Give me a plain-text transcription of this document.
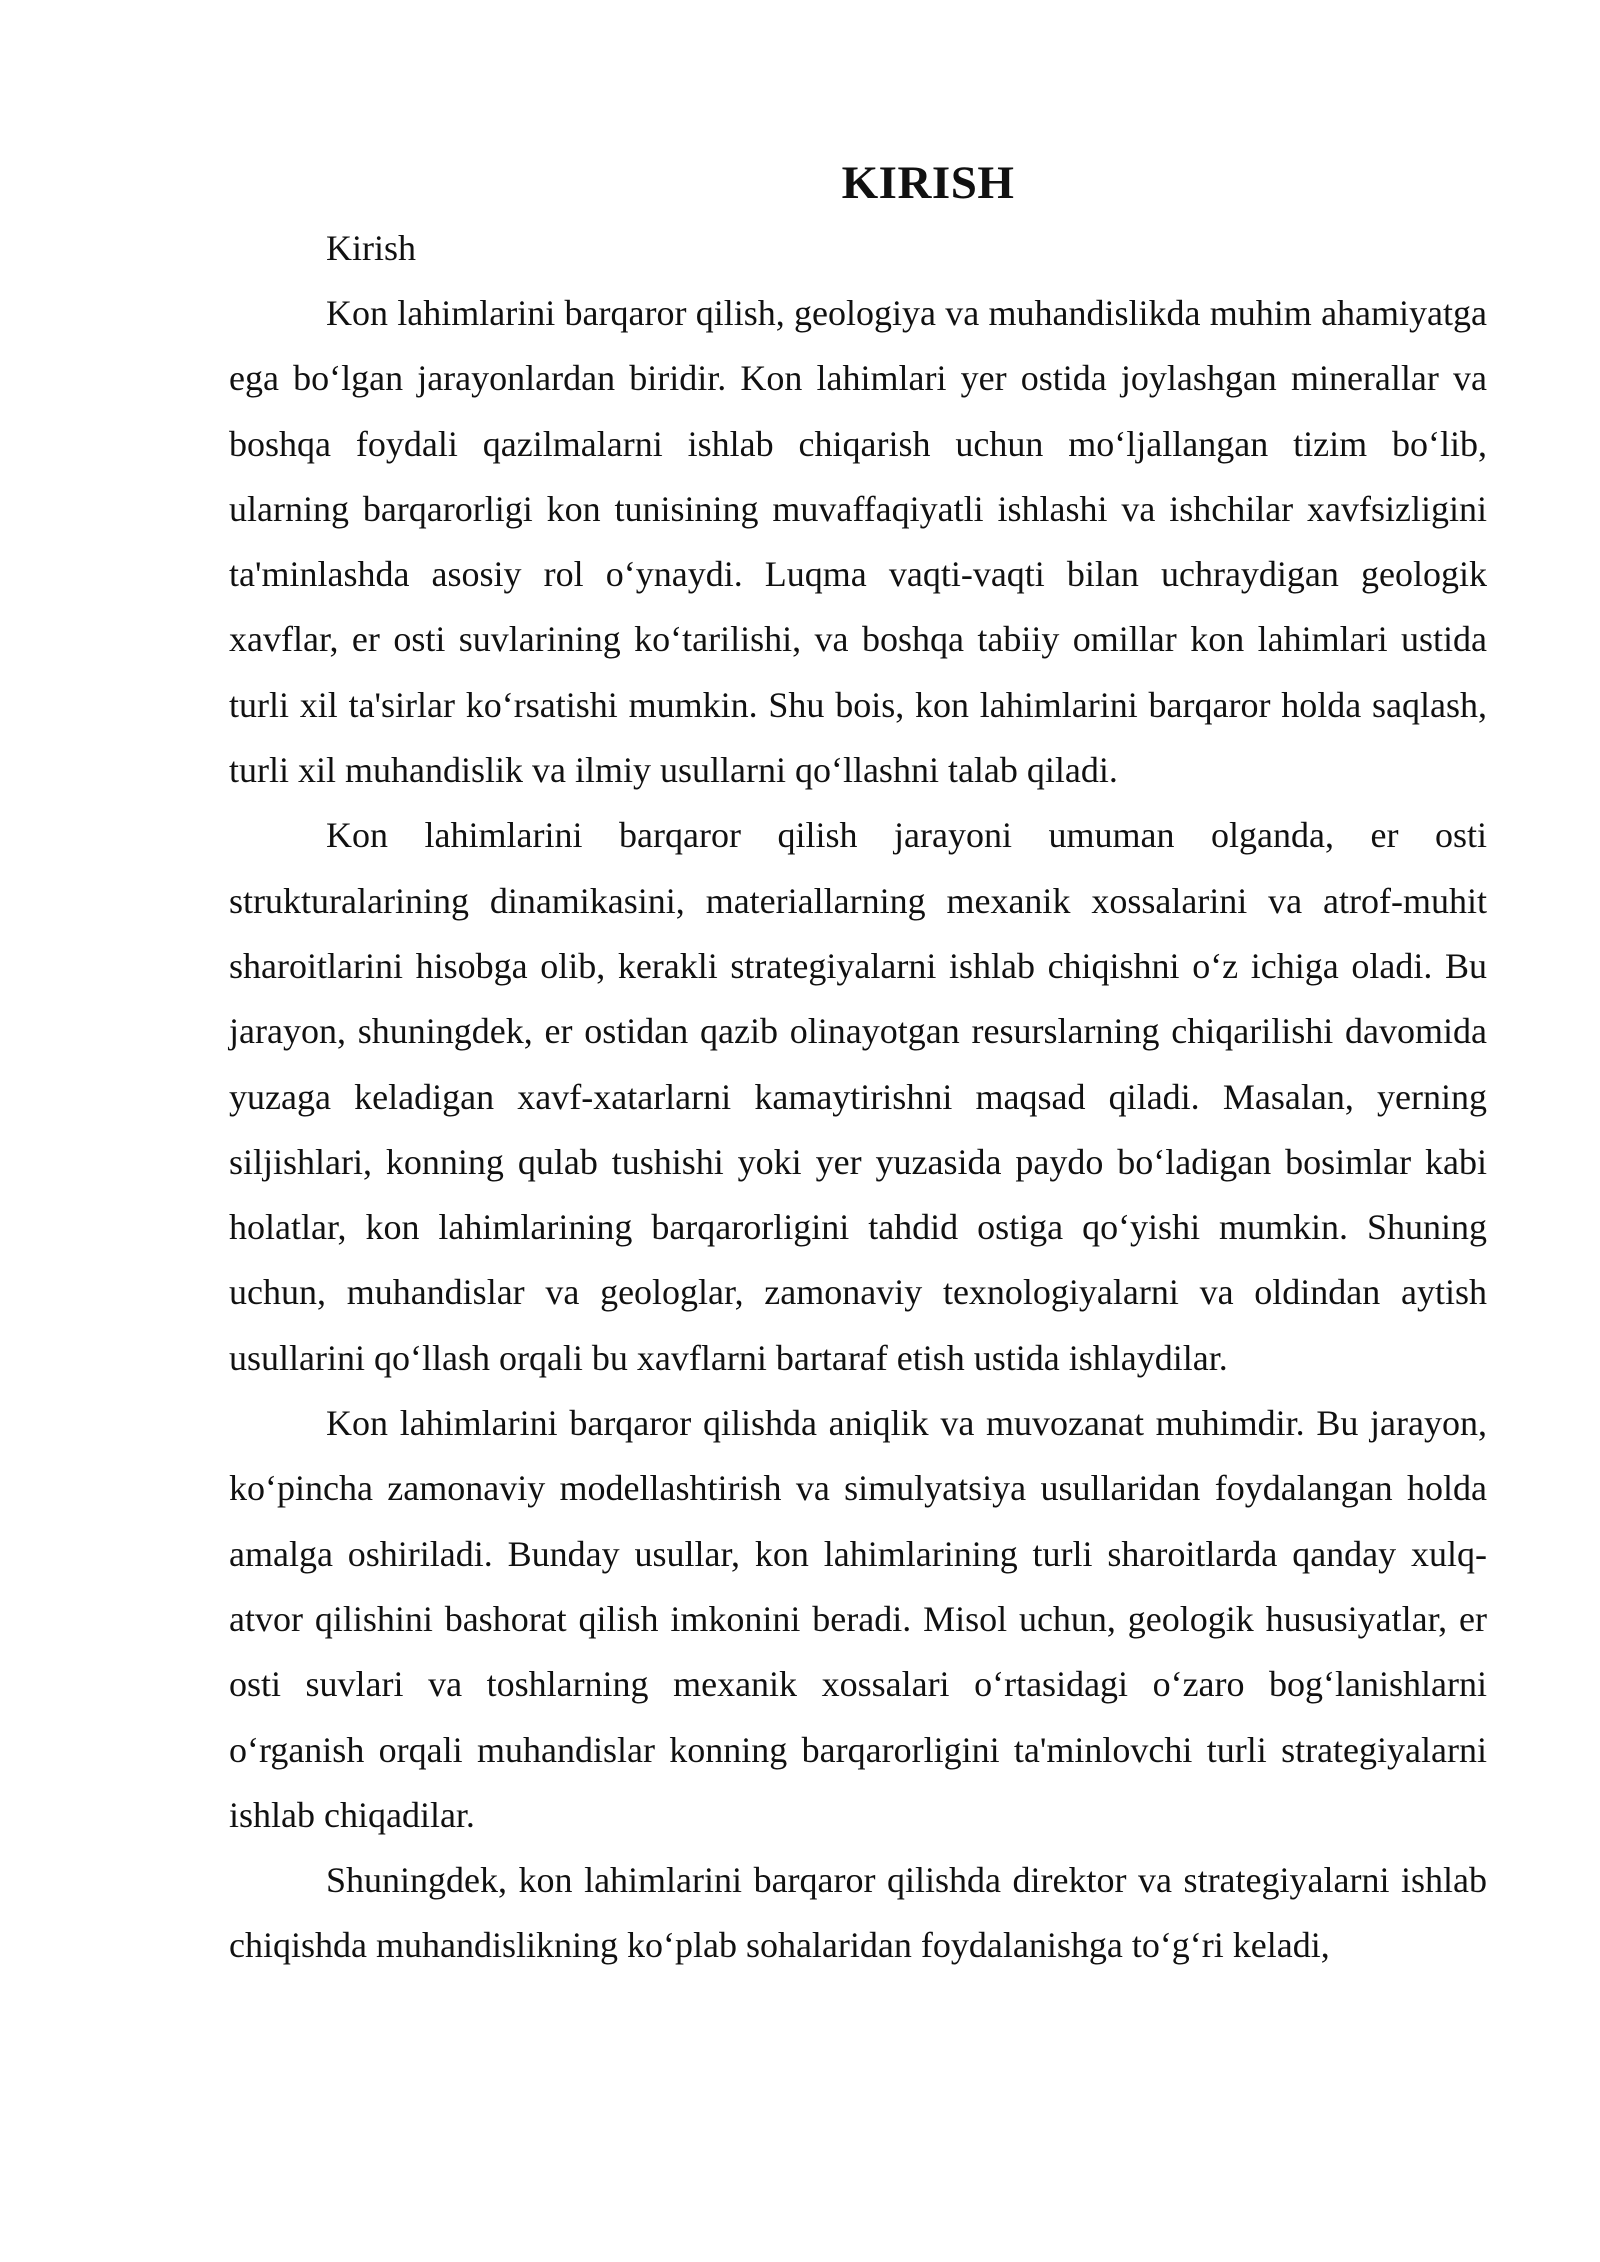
KIRISH

Kirish

Kon lahimlarini barqaror qilish, geologiya va muhandislikda muhim ahamiyatga ega bo‘lgan jarayonlardan biridir. Kon lahimlari yer ostida joylashgan minerallar va boshqa foydali qazilmalarni ishlab chiqarish uchun mo‘ljallangan tizim bo‘lib, ularning barqarorligi kon tunisining muvaffaqiyatli ishlashi va ishchilar xavfsizligini ta'minlashda asosiy rol o‘ynaydi. Luqma vaqti-vaqti bilan uchraydigan geologik xavflar, er osti suvlarining ko‘tarilishi, va boshqa tabiiy omillar kon lahimlari ustida turli xil ta'sirlar ko‘rsatishi mumkin. Shu bois, kon lahimlarini barqaror holda saqlash, turli xil muhandislik va ilmiy usullarni qo‘llashni talab qiladi.

Kon lahimlarini barqaror qilish jarayoni umuman olganda, er osti strukturalarining dinamikasini, materiallarning mexanik xossalarini va atrof-muhit sharoitlarini hisobga olib, kerakli strategiyalarni ishlab chiqishni o‘z ichiga oladi. Bu jarayon, shuningdek, er ostidan qazib olinayotgan resurslarning chiqarilishi davomida yuzaga keladigan xavf-xatarlarni kamaytirishni maqsad qiladi. Masalan, yerning siljishlari, konning qulab tushishi yoki yer yuzasida paydo bo‘ladigan bosimlar kabi holatlar, kon lahimlarining barqarorligini tahdid ostiga qo‘yishi mumkin. Shuning uchun, muhandislar va geologlar, zamonaviy texnologiyalarni va oldindan aytish usullarini qo‘llash orqali bu xavflarni bartaraf etish ustida ishlaydilar.

Kon lahimlarini barqaror qilishda aniqlik va muvozanat muhimdir. Bu jarayon, ko‘pincha zamonaviy modellashtirish va simulyatsiya usullaridan foydalangan holda amalga oshiriladi. Bunday usullar, kon lahimlarining turli sharoitlarda qanday xulq-atvor qilishini bashorat qilish imkonini beradi. Misol uchun, geologik hususiyatlar, er osti suvlari va toshlarning mexanik xossalari o‘rtasidagi o‘zaro bog‘lanishlarni o‘rganish orqali muhandislar konning barqarorligini ta'minlovchi turli strategiyalarni ishlab chiqadilar.

Shuningdek, kon lahimlarini barqaror qilishda direktor va strategiyalarni ishlab chiqishda muhandislikning ko‘plab sohalaridan foydalanishga to‘g‘ri keladi,
